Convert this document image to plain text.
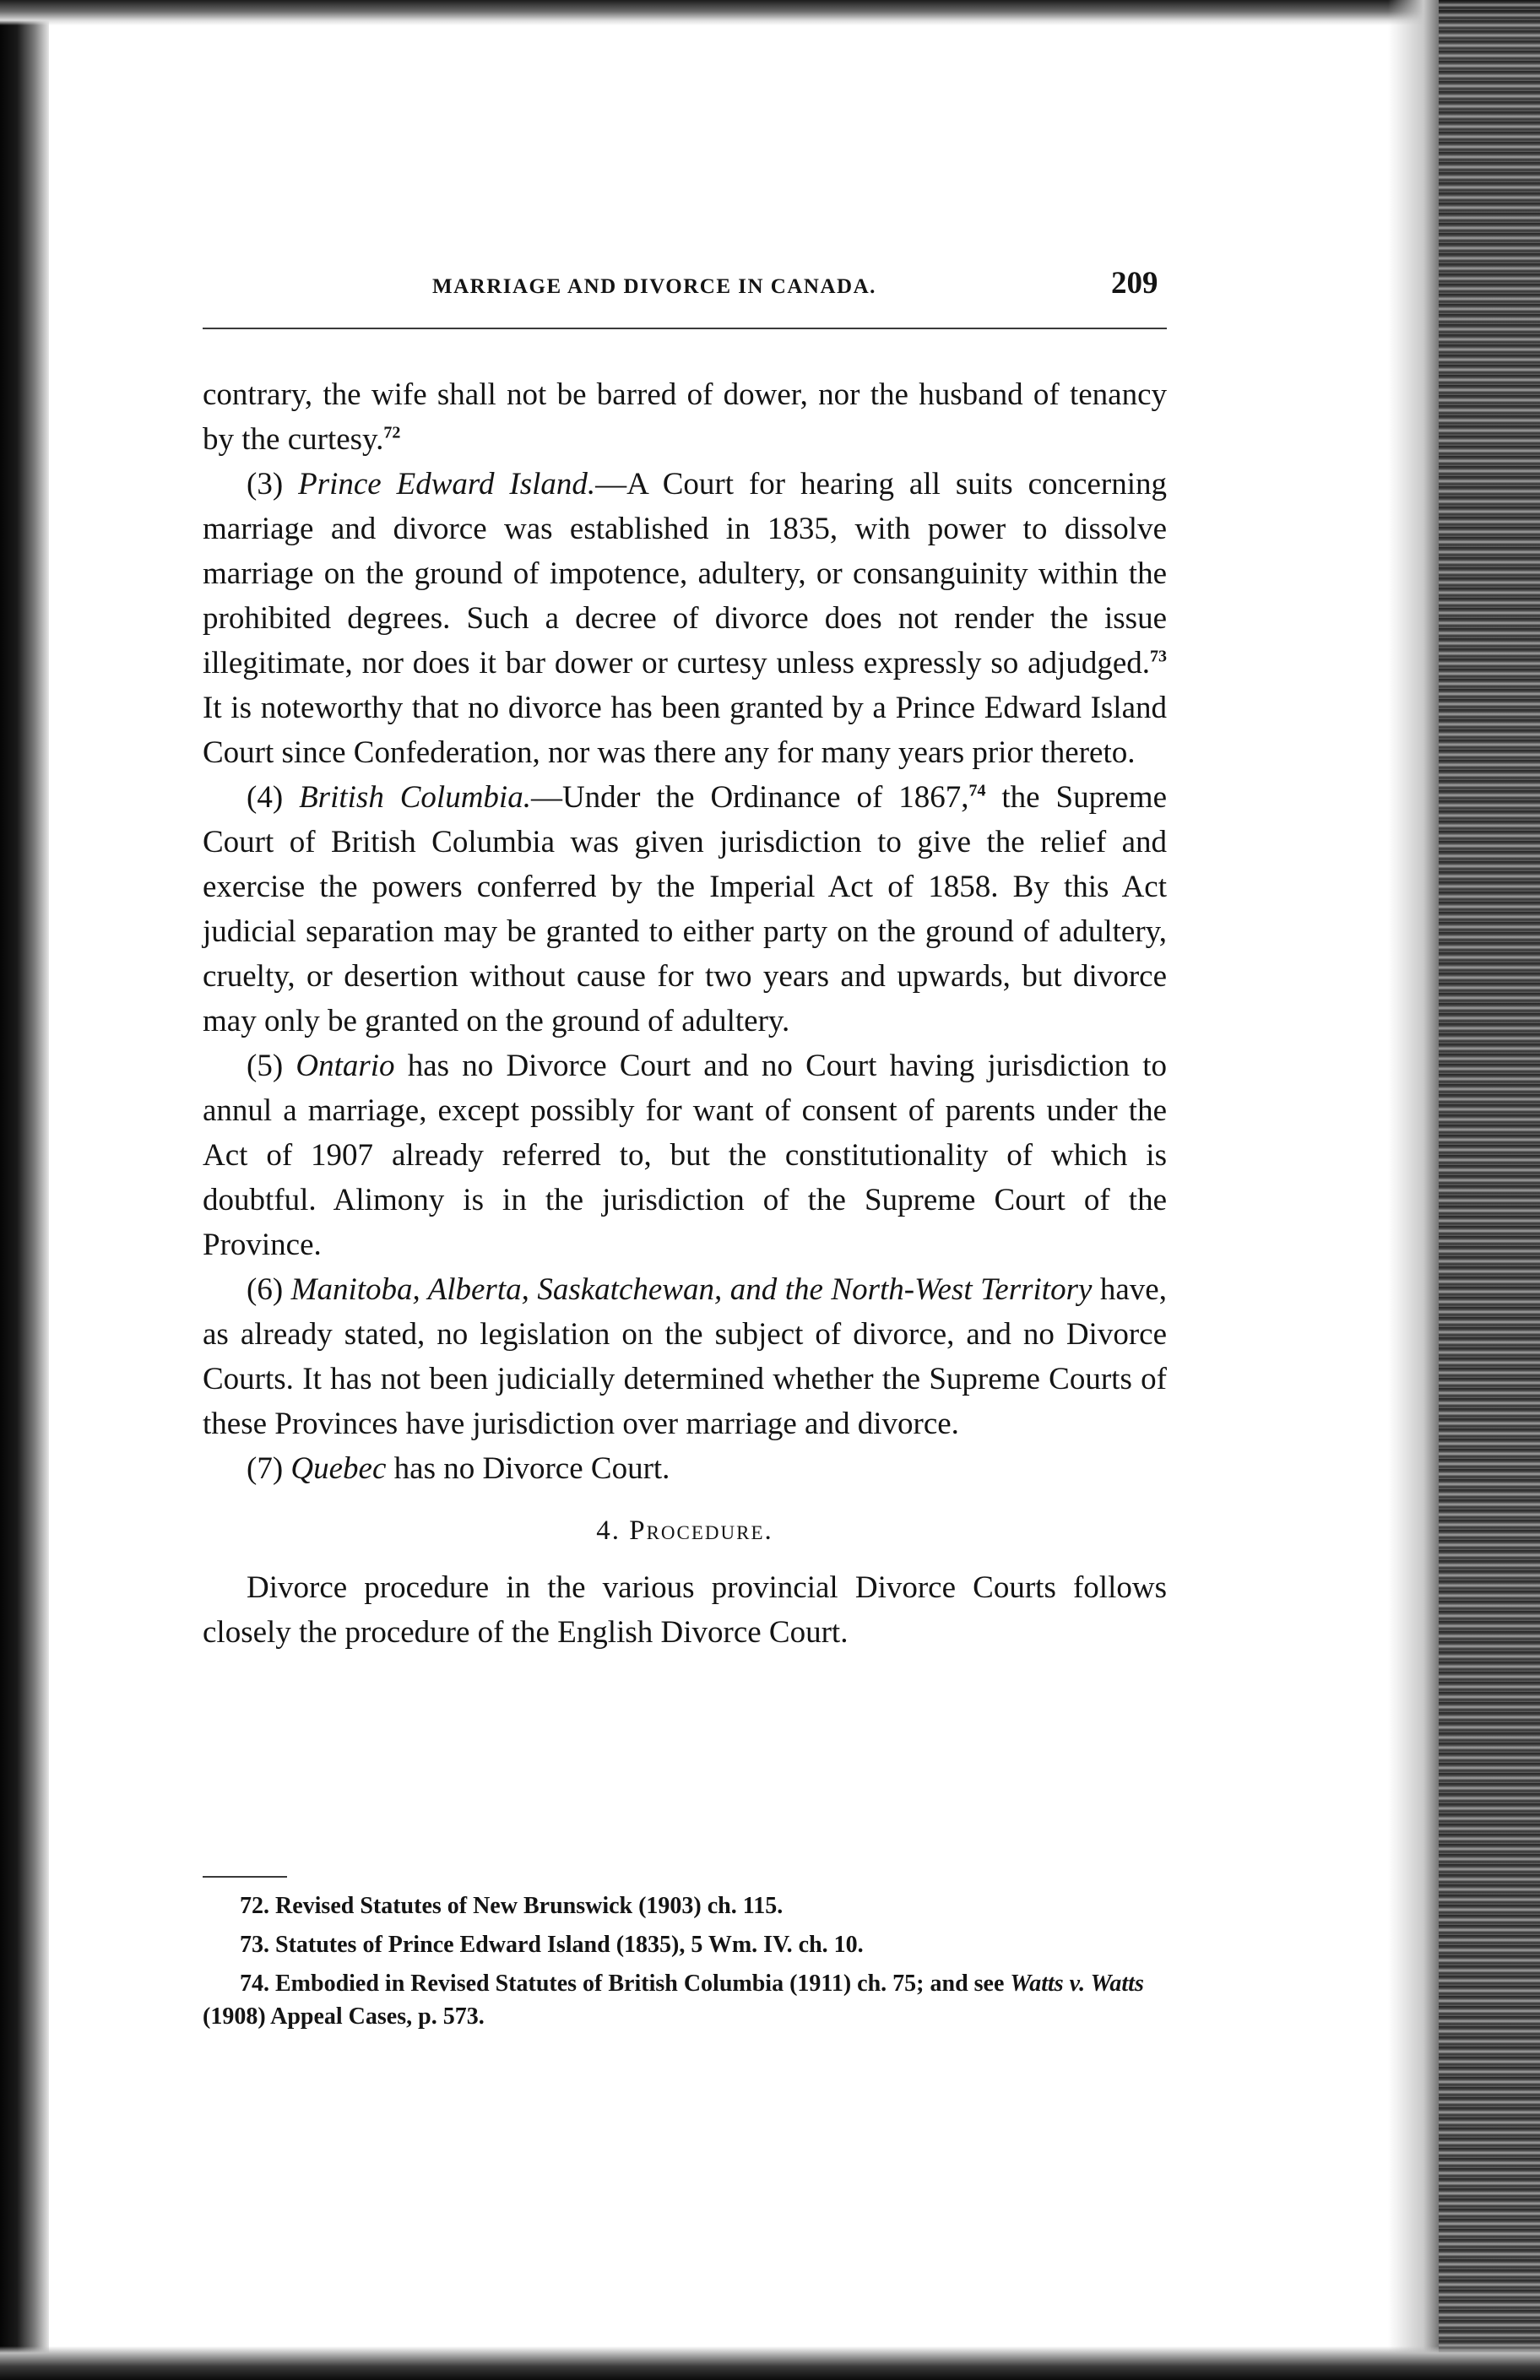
MARRIAGE AND DIVORCE IN CANADA.	209

contrary, the wife shall not be barred of dower, nor the husband of tenancy by the curtesy.$^{72}$

(3) Prince Edward Island.—A Court for hearing all suits concerning marriage and divorce was established in 1835, with power to dissolve marriage on the ground of impotence, adultery, or consanguinity within the prohibited degrees. Such a decree of divorce does not render the issue illegitimate, nor does it bar dower or curtesy unless expressly so adjudged.$^{73}$ It is noteworthy that no divorce has been granted by a Prince Edward Island Court since Confederation, nor was there any for many years prior thereto.

(4) British Columbia.—Under the Ordinance of 1867,74 the Supreme Court of British Columbia was given jurisdiction to give the relief and exercise the powers conferred by the Imperial Act of 1858. By this Act judicial separation may be granted to either party on the ground of adultery, cruelty, or desertion without cause for two years and upwards, but divorce may only be granted on the ground of adultery.

(5) Ontario has no Divorce Court and no Court having jurisdiction to annul a marriage, except possibly for want of consent of parents under the Act of 1907 already referred to, but the constitutionality of which is doubtful. Alimony is in the jurisdiction of the Supreme Court of the Province.

(6) Manitoba, Alberta, Saskatchewan, and the North-West Territory have, as already stated, no legislation on the subject of divorce, and no Divorce Courts. It has not been judicially determined whether the Supreme Courts of these Provinces have jurisdiction over marriage and divorce.

(7) Quebec has no Divorce Court.

4. Procedure.

Divorce procedure in the various provincial Divorce Courts follows closely the procedure of the English Divorce Court.

72. Revised Statutes of New Brunswick (1903) ch. 115.

73. Statutes of Prince Edward Island (1835), 5 Wm. IV. ch. 10.

74. Embodied in Revised Statutes of British Columbia (1911) ch. 75; and see Watts v. Watts (1908) Appeal Cases, p. 573.
